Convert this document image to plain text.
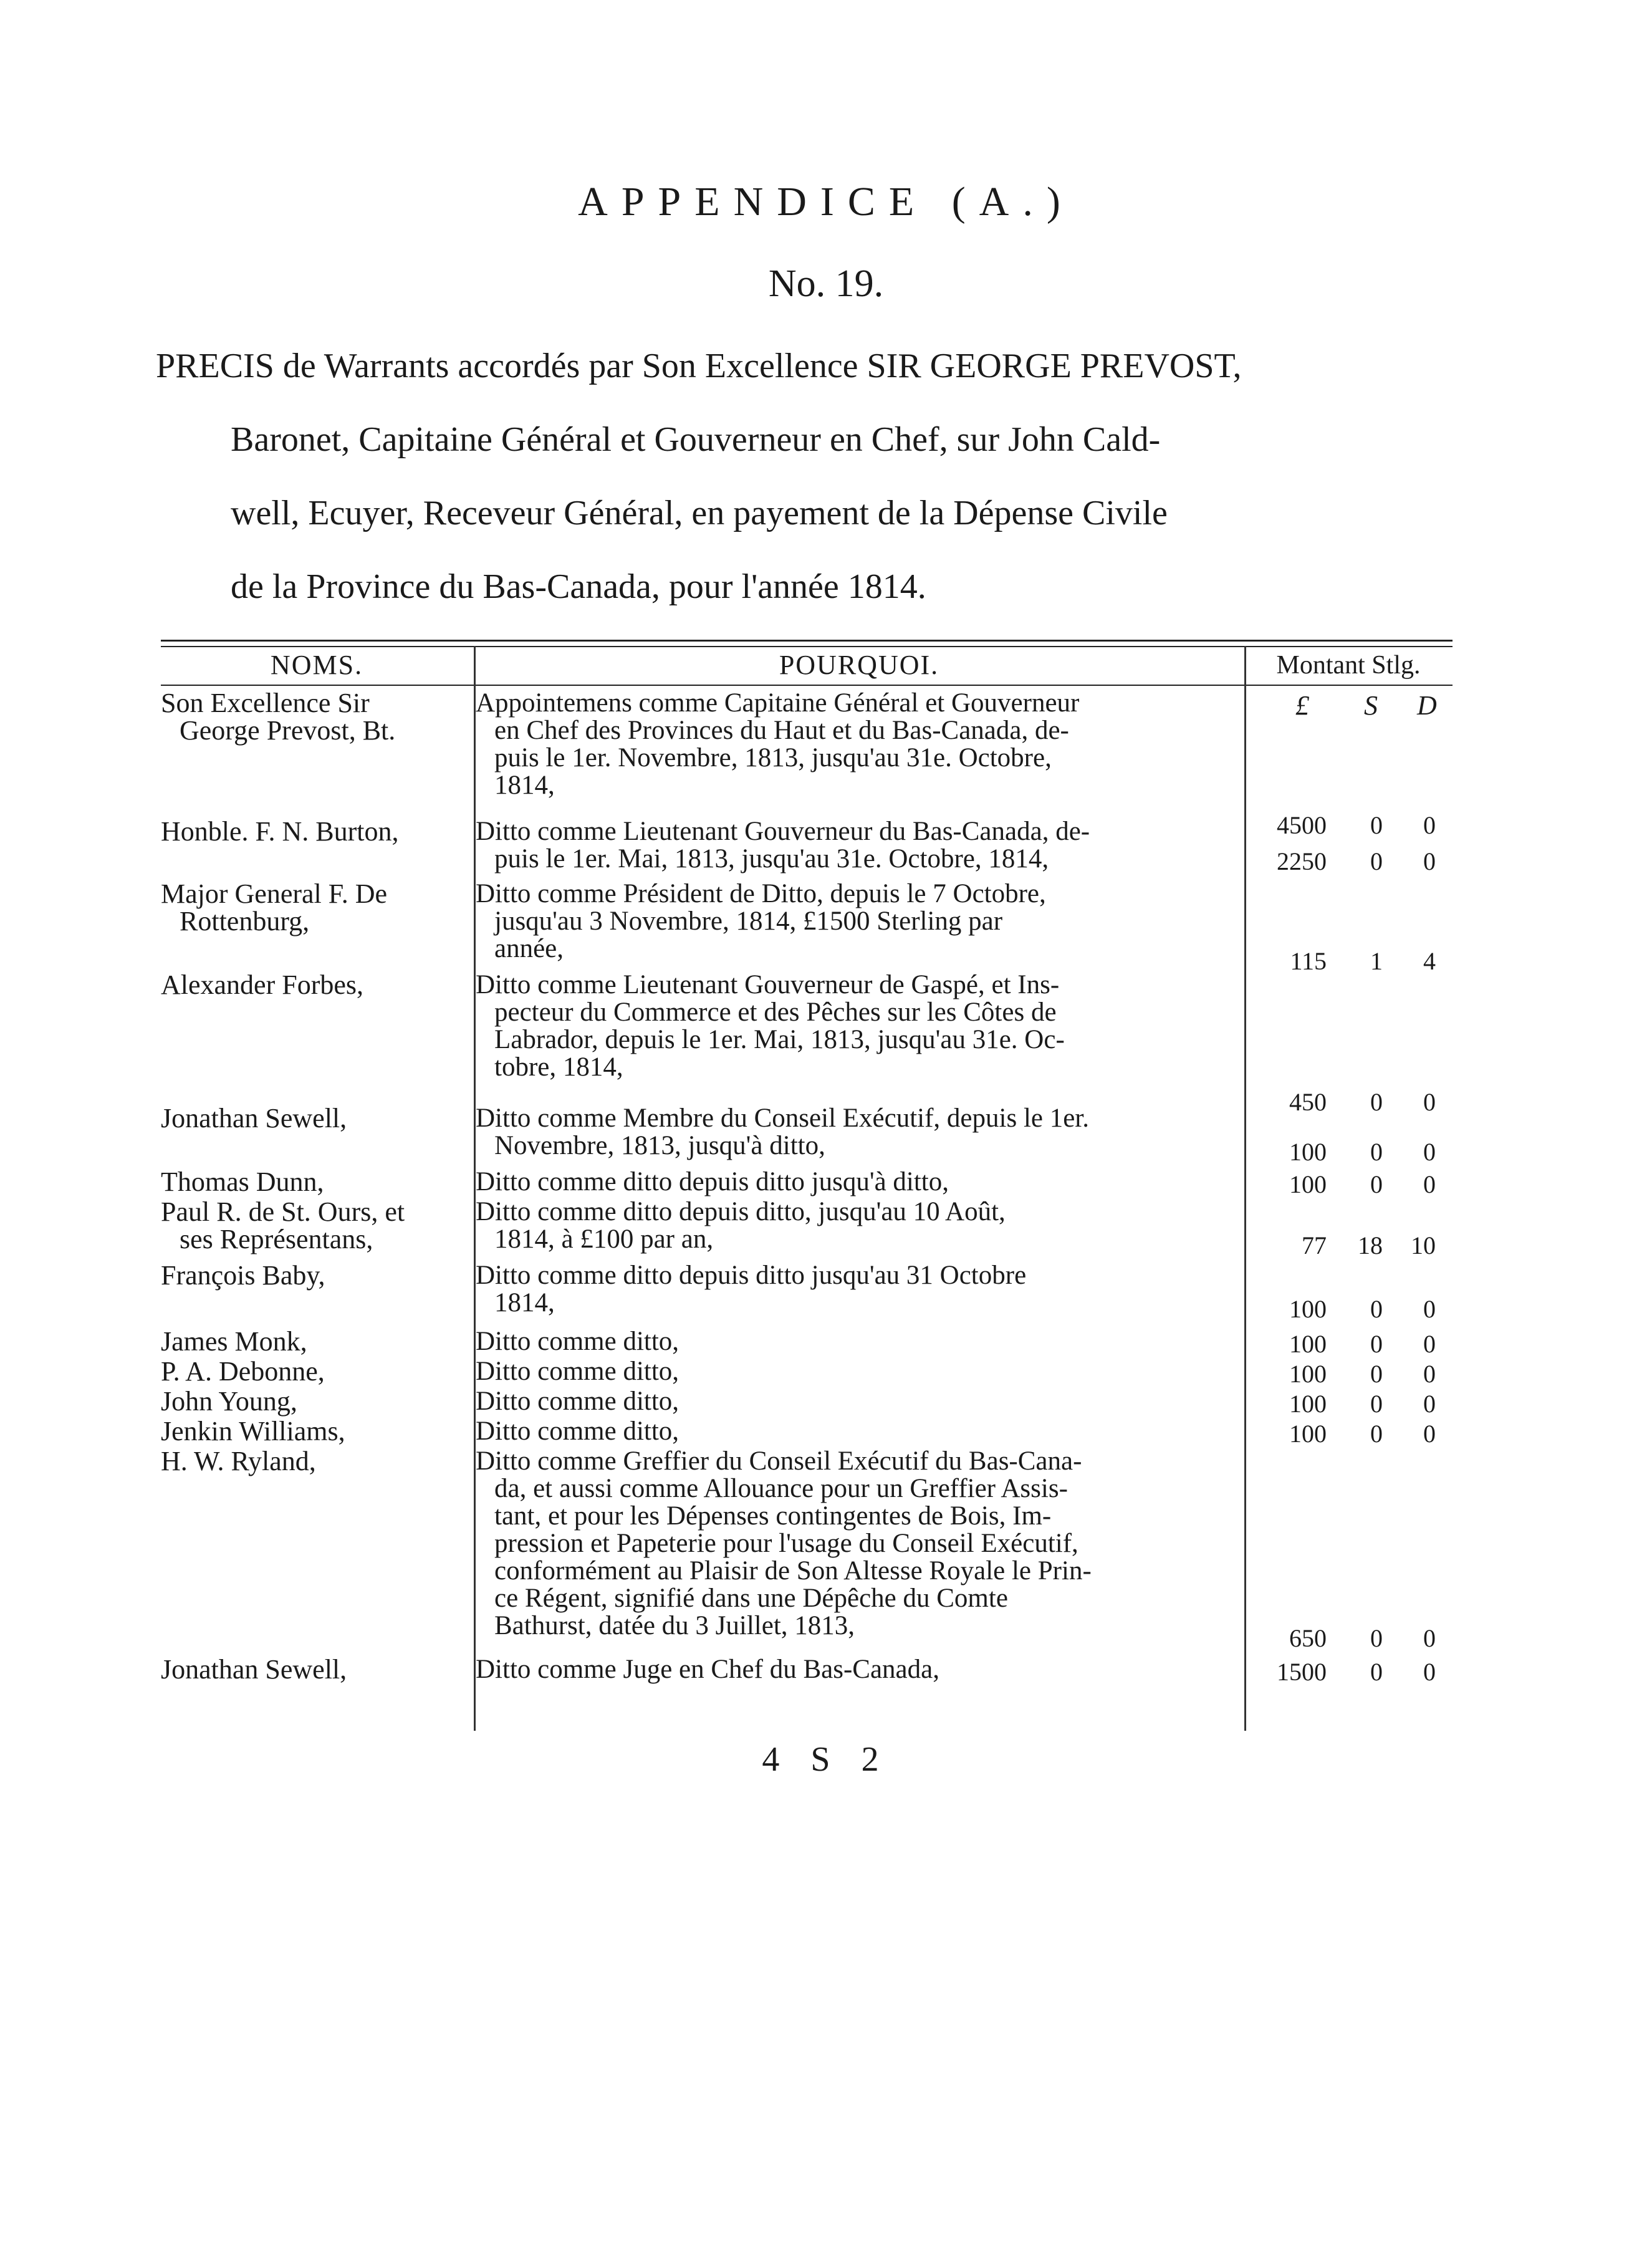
APPENDICE (A.)
No. 19.
PRECIS de Warrants accordés par Son Excellence SIR GEORGE PREVOST,
Baronet, Capitaine Général et Gouverneur en Chef, sur John Cald-
well, Ecuyer, Receveur Général, en payement de la Dépense Civile
de la Province du Bas-Canada, pour l'année 1814.
NOMS.	POURQUOI.	Montant Stlg.
£ S D
Son Excellence Sir
George Prevost, Bt.
Appointemens comme Capitaine Général et Gouverneur
en Chef des Provinces du Haut et du Bas-Canada, de-
puis le 1er. Novembre, 1813, jusqu'au 31e. Octobre,
1814,
4500 0 0
Honble. F. N. Burton,	Ditto comme Lieutenant Gouverneur du Bas-Canada, de-
puis le 1er. Mai, 1813, jusqu'au 31e. Octobre, 1814,	2250 0 0
Major General F. De
Rottenburg,
Ditto comme Président de Ditto, depuis le 7 Octobre,
jusqu'au 3 Novembre, 1814, £1500 Sterling par
année,	115 1 4
Alexander Forbes,	Ditto comme Lieutenant Gouverneur de Gaspé, et Ins-
pecteur du Commerce et des Pêches sur les Côtes de
Labrador, depuis le 1er. Mai, 1813, jusqu'au 31e. Oc-
tobre, 1814,
450 0 0
Jonathan Sewell,	Ditto comme Membre du Conseil Exécutif, depuis le 1er.
Novembre, 1813, jusqu'à ditto,	100 0 0
Thomas Dunn,	Ditto comme ditto depuis ditto jusqu'à ditto,	100 0 0
Paul R. de St. Ours, et
ses Représentans,
Ditto comme ditto depuis ditto, jusqu'au 10 Août,
1814, à £100 par an,	77 18 10
François Baby,	Ditto comme ditto depuis ditto jusqu'au 31 Octobre
1814,	100 0 0
James Monk,	Ditto comme ditto,	100 0 0
P. A. Debonne,	Ditto comme ditto,	100 0 0
John Young,	Ditto comme ditto,	100 0 0
Jenkin Williams,	Ditto comme ditto,	100 0 0
H. W. Ryland,	Ditto comme Greffier du Conseil Exécutif du Bas-Cana-
da, et aussi comme Allouance pour un Greffier Assis-
tant, et pour les Dépenses contingentes de Bois, Im-
pression et Papeterie pour l'usage du Conseil Exécutif,
conformément au Plaisir de Son Altesse Royale le Prin-
ce Régent, signifié dans une Dépêche du Comte
Bathurst, datée du 3 Juillet, 1813,	650 0 0
Jonathan Sewell,	Ditto comme Juge en Chef du Bas-Canada,	1500 0 0
4 S 2
